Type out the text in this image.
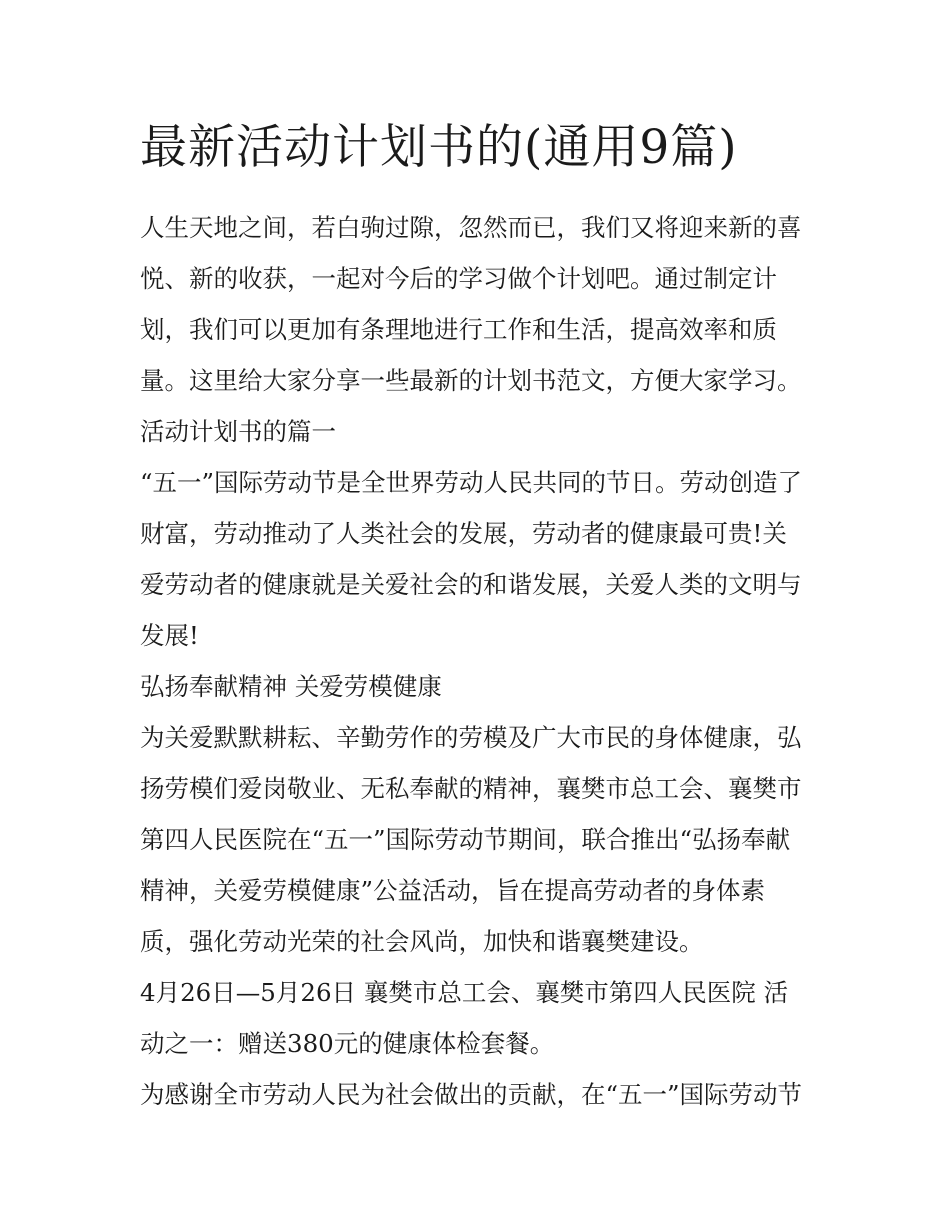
最新活动计划书的(通用9篇)

人生天地之间，若白驹过隙，忽然而已，我们又将迎来新的喜

悦、新的收获，一起对今后的学习做个计划吧。通过制定计

划，我们可以更加有条理地进行工作和生活，提高效率和质

量。这里给大家分享一些最新的计划书范文，方便大家学习。

活动计划书的篇一

“五一”国际劳动节是全世界劳动人民共同的节日。劳动创造了

财富，劳动推动了人类社会的发展，劳动者的健康最可贵!关

爱劳动者的健康就是关爱社会的和谐发展，关爱人类的文明与

发展!

弘扬奉献精神 关爱劳模健康

为关爱默默耕耘、辛勤劳作的劳模及广大市民的身体健康，弘

扬劳模们爱岗敬业、无私奉献的精神，襄樊市总工会、襄樊市

第四人民医院在“五一”国际劳动节期间，联合推出“弘扬奉献

精神，关爱劳模健康”公益活动，旨在提高劳动者的身体素

质，强化劳动光荣的社会风尚，加快和谐襄樊建设。

4月26日—5月26日 襄樊市总工会、襄樊市第四人民医院 活

动之一：赠送380元的健康体检套餐。

为感谢全市劳动人民为社会做出的贡献，在“五一”国际劳动节
